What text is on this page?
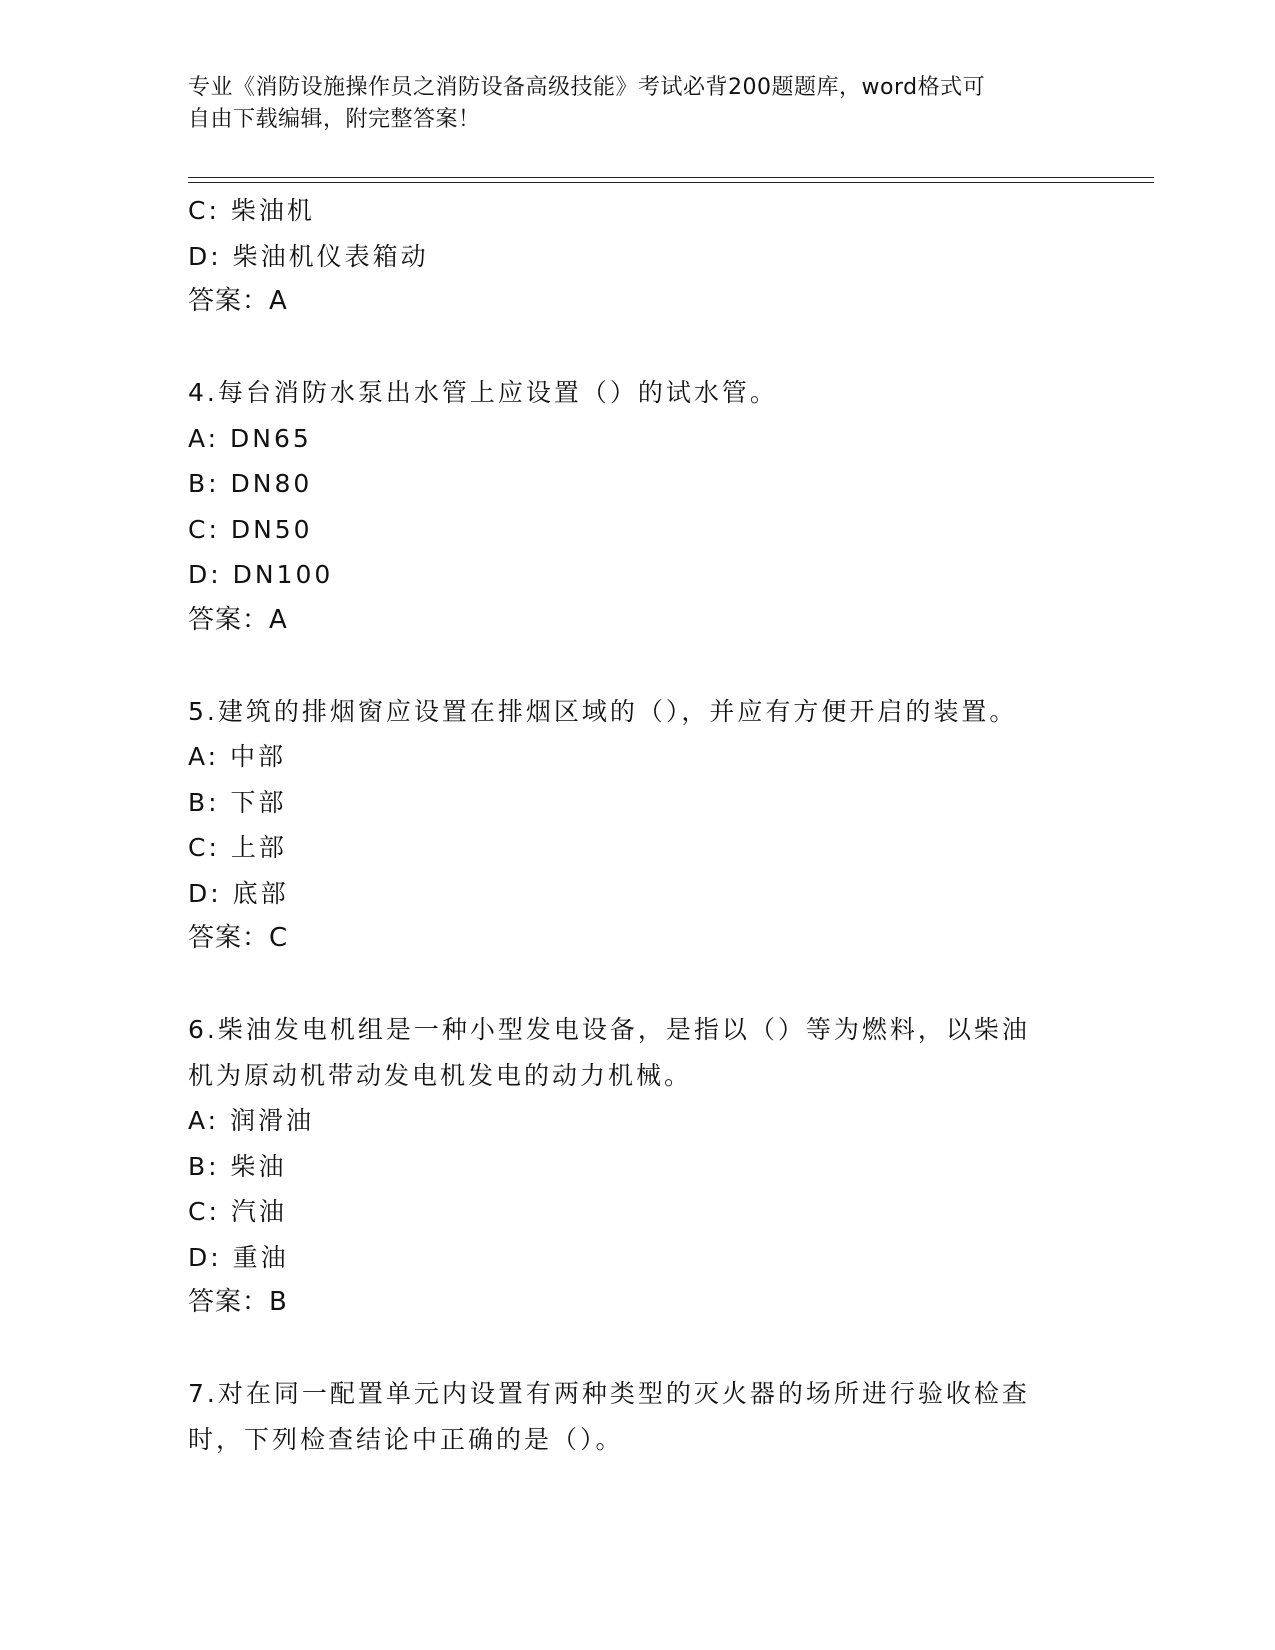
专业《消防设施操作员之消防设备高级技能》考试必背200题题库，word格式可
自由下载编辑，附完整答案！
C: 柴油机
D: 柴油机仪表箱动
答案：A
4.每台消防水泵出水管上应设置（）的试水管。
A: DN65
B: DN80
C: DN50
D: DN100
答案：A
5.建筑的排烟窗应设置在排烟区域的（），并应有方便开启的装置。
A: 中部
B: 下部
C: 上部
D: 底部
答案：C
6.柴油发电机组是一种小型发电设备，是指以（）等为燃料，以柴油
机为原动机带动发电机发电的动力机械。
A: 润滑油
B: 柴油
C: 汽油
D: 重油
答案：B
7.对在同一配置单元内设置有两种类型的灭火器的场所进行验收检查
时，下列检查结论中正确的是（）。
